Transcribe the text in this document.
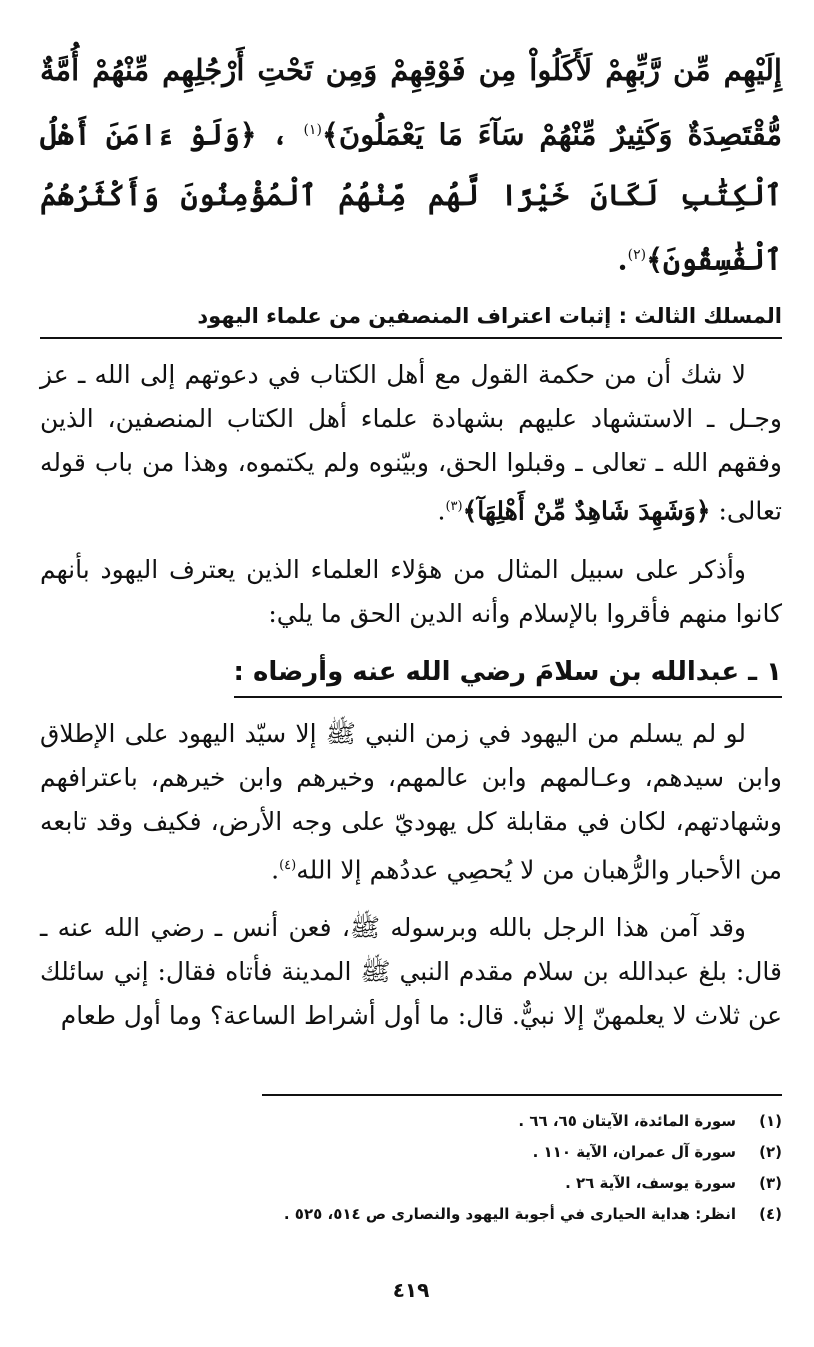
إِلَيْهِم مِّن رَّبِّهِمْ لَأَكَلُواْ مِن فَوْقِهِمْ وَمِن تَحْتِ أَرْجُلِهِم مِّنْهُمْ أُمَّةٌ مُّقْتَصِدَةٌ وَكَثِيرٌ مِّنْهُمْ سَآءَ مَا يَعْمَلُونَ﴾$^{(١)}$ ، ﴿وَلَوْ ءَامَنَ أَهْلُ ٱلْكِتَٰبِ لَكَانَ خَيْرًا لَّهُم مِّنْهُمُ ٱلْمُؤْمِنُونَ وَأَكْثَرُهُمُ ٱلْفَٰسِقُونَ﴾$^{(٢)}$.
المسلك الثالث : إثبات اعتراف المنصفين من علماء اليهود

لا شك أن من حكمة القول مع أهل الكتاب في دعوتهم إلى الله ـ عز وجـل ـ الاستشهاد عليهم بشهادة علماء أهل الكتاب المنصفين، الذين وفقهم الله ـ تعالى ـ وقبلوا الحق، وبيّنوه ولم يكتموه، وهذا من باب قوله تعالى: ﴿وَشَهِدَ شَاهِدٌ مِّنْ أَهْلِهَآ﴾$^{(٣)}$.

وأذكر على سبيل المثال من هؤلاء العلماء الذين يعترف اليهود بأنهم كانوا منهم فأقروا بالإسلام وأنه الدين الحق ما يلي:

١ ـ عبدالله بن سلامَ رضي الله عنه وأرضاه :

لو لم يسلم من اليهود في زمن النبي ﷺ إلا سيّد اليهود على الإطلاق وابن سيدهم، وعـالمهم وابن عالمهم، وخيرهم وابن خيرهم، باعترافهم وشهادتهم، لكان في مقابلة كل يهوديّ على وجه الأرض، فكيف وقد تابعه من الأحبار والرُّهبان من لا يُحصِي عددُهم إلا الله$^{(٤)}$.

وقد آمن هذا الرجل بالله وبرسوله ﷺ، فعن أنس ـ رضي الله عنه ـ قال: بلغ عبدالله بن سلام مقدم النبي ﷺ المدينة فأتاه فقال: إني سائلك عن ثلاث لا يعلمهنّ إلا نبيٌّ. قال: ما أول أشراط الساعة؟ وما أول طعام

(١)
سورة المائدة، الآيتان ٦٥، ٦٦ .
(٢)
سورة آل عمران، الآية ١١٠ .
(٣)
سورة يوسف، الآية ٢٦ .
(٤)
انظر: هداية الحيارى في أجوبة اليهود والنصارى ص ٥١٤، ٥٢٥ .
٤١٩
